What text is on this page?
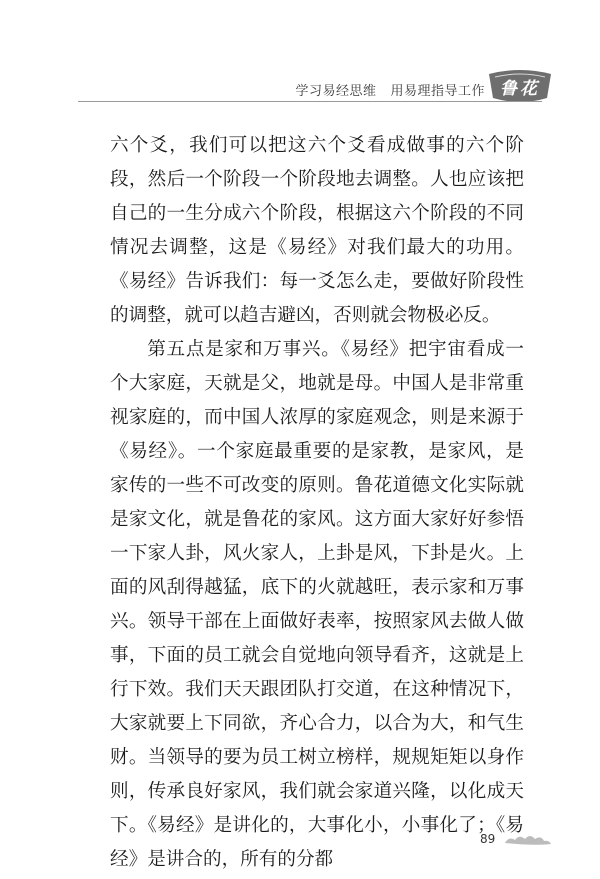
学习易经思维 用易理指导工作 鲁花

六个爻，我们可以把这六个爻看成做事的六个阶段，然后一个阶段一个阶段地去调整。人也应该把自己的一生分成六个阶段，根据这六个阶段的不同情况去调整，这是《易经》对我们最大的功用。《易经》告诉我们：每一爻怎么走，要做好阶段性的调整，就可以趋吉避凶，否则就会物极必反。

第五点是家和万事兴。《易经》把宇宙看成一个大家庭，天就是父，地就是母。中国人是非常重视家庭的，而中国人浓厚的家庭观念，则是来源于《易经》。一个家庭最重要的是家教，是家风，是家传的一些不可改变的原则。鲁花道德文化实际就是家文化，就是鲁花的家风。这方面大家好好参悟一下家人卦，风火家人，上卦是风，下卦是火。上面的风刮得越猛，底下的火就越旺，表示家和万事兴。领导干部在上面做好表率，按照家风去做人做事，下面的员工就会自觉地向领导看齐，这就是上行下效。我们天天跟团队打交道，在这种情况下，大家就要上下同欲，齐心合力，以合为大，和气生财。当领导的要为员工树立榜样，规规矩矩以身作则，传承良好家风，我们就会家道兴隆，以化成天下。《易经》是讲化的，大事化小，小事化了；《易经》是讲合的，所有的分都

89
